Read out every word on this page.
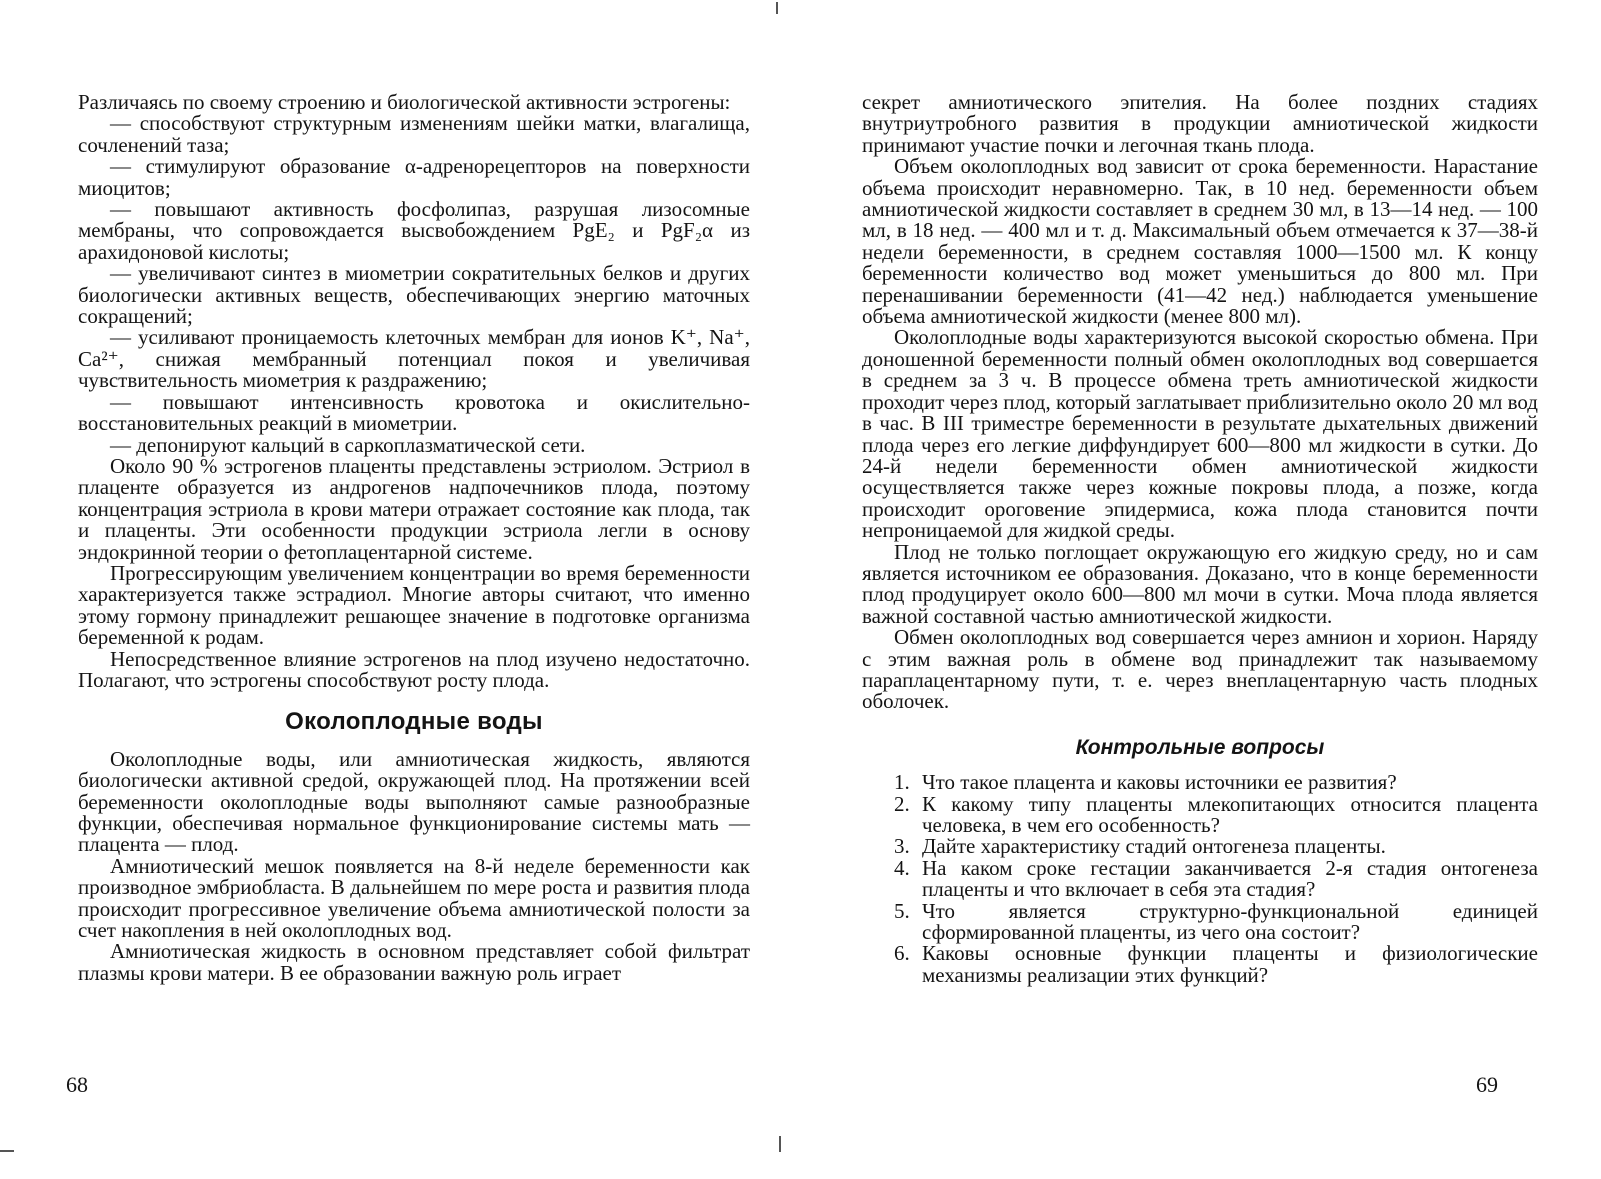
Различаясь по своему строению и биологической активности эстрогены:

— способствуют структурным изменениям шейки матки, влагалища, сочленений таза;

— стимулируют образование α-адренорецепторов на поверхности миоцитов;

— повышают активность фосфолипаз, разрушая лизосомные мембраны, что сопровождается высвобождением PgE₂ и PgF₂α из арахидоновой кислоты;

— увеличивают синтез в миометрии сократительных белков и других биологически активных веществ, обеспечивающих энергию маточных сокращений;

— усиливают проницаемость клеточных мембран для ионов K⁺, Na⁺, Ca²⁺, снижая мембранный потенциал покоя и увеличивая чувствительность миометрия к раздражению;

— повышают интенсивность кровотока и окислительно-восстановительных реакций в миометрии.

— депонируют кальций в саркоплазматической сети.

Около 90 % эстрогенов плаценты представлены эстриолом. Эстриол в плаценте образуется из андрогенов надпочечников плода, поэтому концентрация эстриола в крови матери отражает состояние как плода, так и плаценты. Эти особенности продукции эстриола легли в основу эндокринной теории о фетоплацентарной системе.

Прогрессирующим увеличением концентрации во время беременности характеризуется также эстрадиол. Многие авторы считают, что именно этому гормону принадлежит решающее значение в подготовке организма беременной к родам.

Непосредственное влияние эстрогенов на плод изучено недостаточно. Полагают, что эстрогены способствуют росту плода.

Околоплодные воды

Околоплодные воды, или амниотическая жидкость, являются биологически активной средой, окружающей плод. На протяжении всей беременности околоплодные воды выполняют самые разнообразные функции, обеспечивая нормальное функционирование системы мать — плацента — плод.

Амниотический мешок появляется на 8-й неделе беременности как производное эмбриобласта. В дальнейшем по мере роста и развития плода происходит прогрессивное увеличение объема амниотической полости за счет накопления в ней околоплодных вод.

Амниотическая жидкость в основном представляет собой фильтрат плазмы крови матери. В ее образовании важную роль играет

68

секрет амниотического эпителия. На более поздних стадиях внутриутробного развития в продукции амниотической жидкости принимают участие почки и легочная ткань плода.

Объем околоплодных вод зависит от срока беременности. Нарастание объема происходит неравномерно. Так, в 10 нед. беременности объем амниотической жидкости составляет в среднем 30 мл, в 13—14 нед. — 100 мл, в 18 нед. — 400 мл и т. д. Максимальный объем отмечается к 37—38-й недели беременности, в среднем составляя 1000—1500 мл. К концу беременности количество вод может уменьшиться до 800 мл. При перенашивании беременности (41—42 нед.) наблюдается уменьшение объема амниотической жидкости (менее 800 мл).

Околоплодные воды характеризуются высокой скоростью обмена. При доношенной беременности полный обмен околоплодных вод совершается в среднем за 3 ч. В процессе обмена треть амниотической жидкости проходит через плод, который заглатывает приблизительно около 20 мл вод в час. В III триместре беременности в результате дыхательных движений плода через его легкие диффундирует 600—800 мл жидкости в сутки. До 24-й недели беременности обмен амниотической жидкости осуществляется также через кожные покровы плода, а позже, когда происходит ороговение эпидермиса, кожа плода становится почти непроницаемой для жидкой среды.

Плод не только поглощает окружающую его жидкую среду, но и сам является источником ее образования. Доказано, что в конце беременности плод продуцирует около 600—800 мл мочи в сутки. Моча плода является важной составной частью амниотической жидкости.

Обмен околоплодных вод совершается через амнион и хорион. Наряду с этим важная роль в обмене вод принадлежит так называемому параплацентарному пути, т. е. через внеплацентарную часть плодных оболочек.

Контрольные вопросы
1. Что такое плацента и каковы источники ее развития?
2. К какому типу плаценты млекопитающих относится плацента человека, в чем его особенность?
3. Дайте характеристику стадий онтогенеза плаценты.
4. На каком сроке гестации заканчивается 2-я стадия онтогенеза плаценты и что включает в себя эта стадия?
5. Что является структурно-функциональной единицей сформированной плаценты, из чего она состоит?
6. Каковы основные функции плаценты и физиологические механизмы реализации этих функций?
69
